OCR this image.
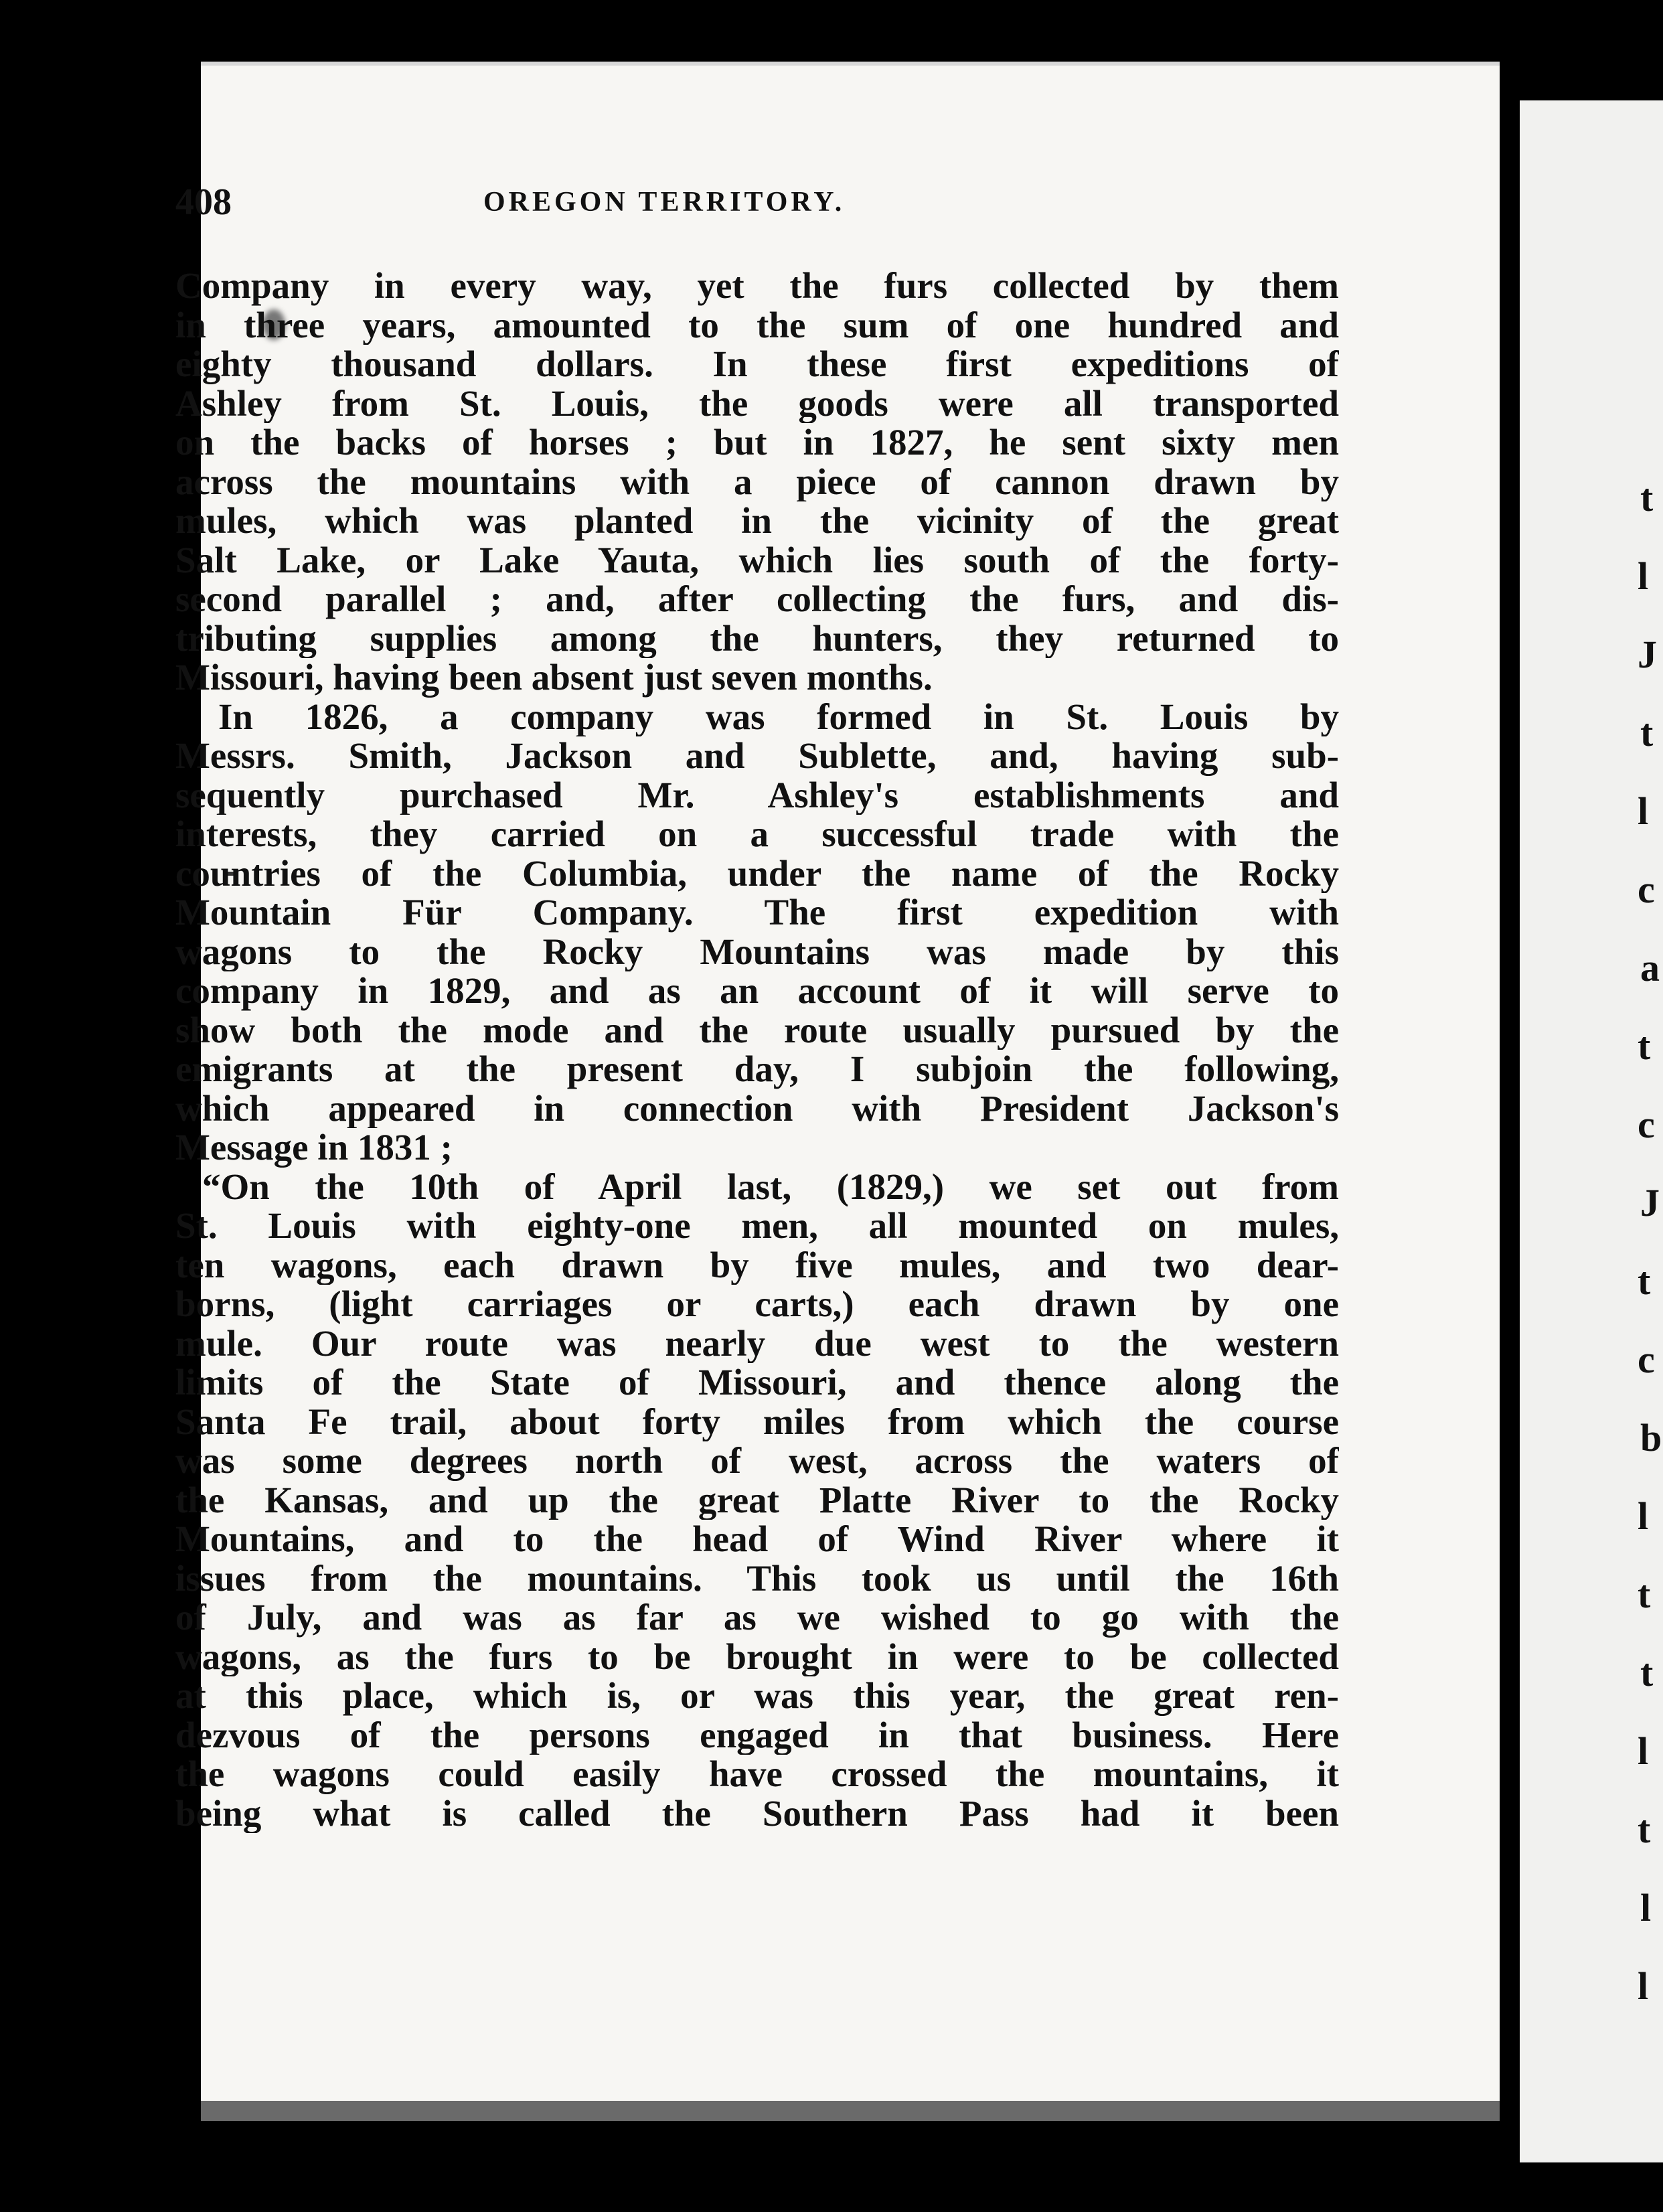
408	OREGON TERRITORY.
Company in every way, yet the furs collected by them
in three years, amounted to the sum of one hundred and
eighty thousand dollars. In these first expeditions of
Ashley from St. Louis, the goods were all transported
on the backs of horses ; but in 1827, he sent sixty men
across the mountains with a piece of cannon drawn by
mules, which was planted in the vicinity of the great
Salt Lake, or Lake Yauta, which lies south of the forty-
second parallel ; and, after collecting the furs, and dis-
tributing supplies among the hunters, they returned to
Missouri, having been absent just seven months.
In 1826, a company was formed in St. Louis by
Messrs. Smith, Jackson and Sublette, and, having sub-
sequently purchased Mr. Ashley's establishments and
interests, they carried on a successful trade with the
countries of the Columbia, under the name of the Rocky
Mountain Für Company. The first expedition with
wagons to the Rocky Mountains was made by this
company in 1829, and as an account of it will serve to
show both the mode and the route usually pursued by the
emigrants at the present day, I subjoin the following,
which appeared in connection with President Jackson's
Message in 1831 ;
“On the 10th of April last, (1829,) we set out from
St. Louis with eighty-one men, all mounted on mules,
ten wagons, each drawn by five mules, and two dear-
borns, (light carriages or carts,) each drawn by one
mule. Our route was nearly due west to the western
limits of the State of Missouri, and thence along the
Santa Fe trail, about forty miles from which the course
was some degrees north of west, across the waters of
the Kansas, and up the great Platte River to the Rocky
Mountains, and to the head of Wind River where it
issues from the mountains. This took us until the 16th
of July, and was as far as we wished to go with the
wagons, as the furs to be brought in were to be collected
at this place, which is, or was this year, the great ren-
dezvous of the persons engaged in that business. Here
the wagons could easily have crossed the mountains, it
being what is called the Southern Pass had it been
t
l
J
t
l
c
a
t
c
J
t
c
b
l
t
t
l
t
l
l
